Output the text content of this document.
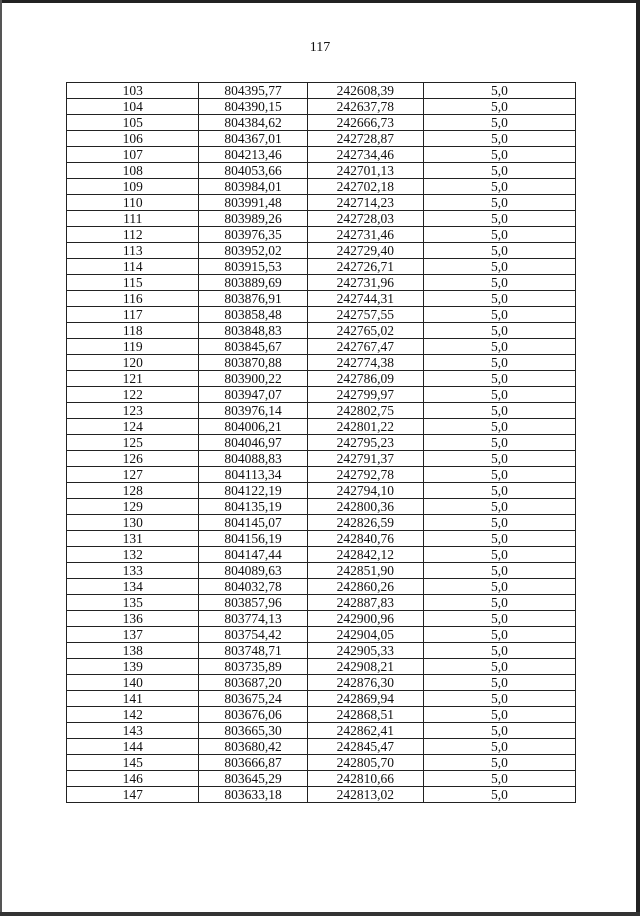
117
103	804395,77	242608,39	5,0
104	804390,15	242637,78	5,0
105	804384,62	242666,73	5,0
106	804367,01	242728,87	5,0
107	804213,46	242734,46	5,0
108	804053,66	242701,13	5,0
109	803984,01	242702,18	5,0
110	803991,48	242714,23	5,0
111	803989,26	242728,03	5,0
112	803976,35	242731,46	5,0
113	803952,02	242729,40	5,0
114	803915,53	242726,71	5,0
115	803889,69	242731,96	5,0
116	803876,91	242744,31	5,0
117	803858,48	242757,55	5,0
118	803848,83	242765,02	5,0
119	803845,67	242767,47	5,0
120	803870,88	242774,38	5,0
121	803900,22	242786,09	5,0
122	803947,07	242799,97	5,0
123	803976,14	242802,75	5,0
124	804006,21	242801,22	5,0
125	804046,97	242795,23	5,0
126	804088,83	242791,37	5,0
127	804113,34	242792,78	5,0
128	804122,19	242794,10	5,0
129	804135,19	242800,36	5,0
130	804145,07	242826,59	5,0
131	804156,19	242840,76	5,0
132	804147,44	242842,12	5,0
133	804089,63	242851,90	5,0
134	804032,78	242860,26	5,0
135	803857,96	242887,83	5,0
136	803774,13	242900,96	5,0
137	803754,42	242904,05	5,0
138	803748,71	242905,33	5,0
139	803735,89	242908,21	5,0
140	803687,20	242876,30	5,0
141	803675,24	242869,94	5,0
142	803676,06	242868,51	5,0
143	803665,30	242862,41	5,0
144	803680,42	242845,47	5,0
145	803666,87	242805,70	5,0
146	803645,29	242810,66	5,0
147	803633,18	242813,02	5,0
